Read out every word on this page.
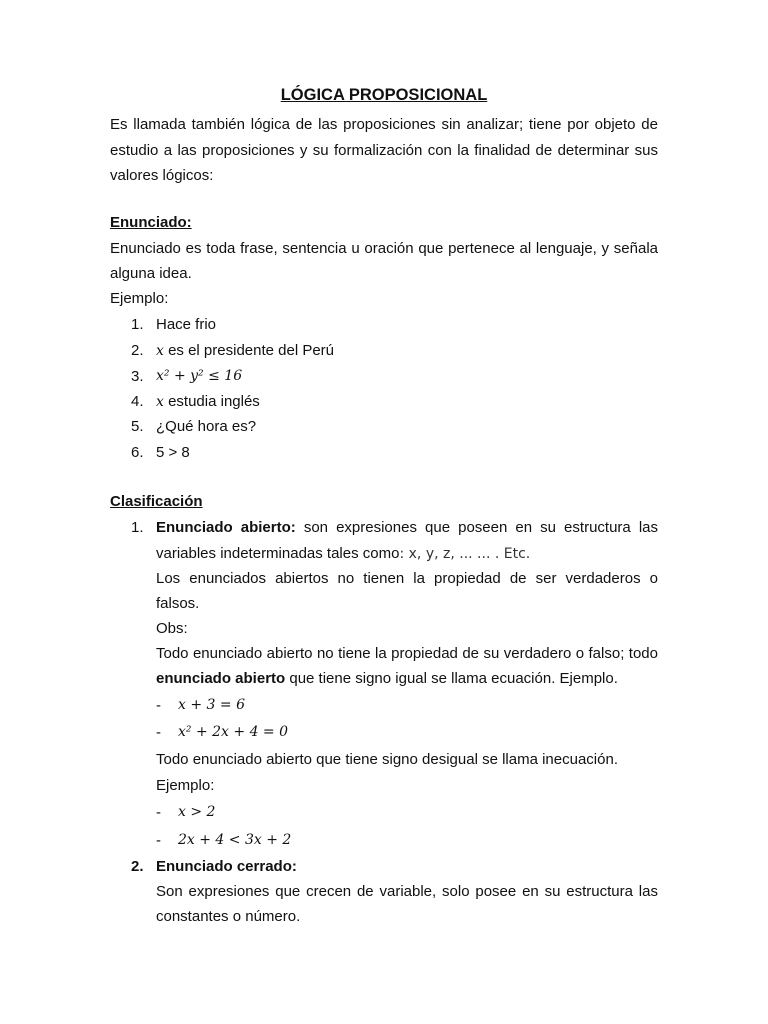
LÓGICA PROPOSICIONAL
Es llamada también lógica de las proposiciones sin analizar; tiene por objeto de
estudio a las proposiciones y su formalización con la finalidad de determinar sus
valores lógicos:
Enunciado:
Enunciado es toda frase, sentencia u oración que pertenece al lenguaje, y señala
alguna idea.
Ejemplo:
1. Hace frio
2. x es el presidente del Perú
3. x² + y² ≤ 16
4. x estudia inglés
5. ¿Qué hora es?
6. 5 > 8
Clasificación
1. Enunciado abierto: son expresiones que poseen en su estructura las
variables indeterminadas tales como: x, y, z, ... ... . Etc.
Los enunciados abiertos no tienen la propiedad de ser verdaderos o
falsos.
Obs:
Todo enunciado abierto no tiene la propiedad de su verdadero o falso; todo
enunciado abierto que tiene signo igual se llama ecuación. Ejemplo.
- x + 3 = 6
- x² + 2x + 4 = 0
Todo enunciado abierto que tiene signo desigual se llama inecuación.
Ejemplo:
- x > 2
- 2x + 4 < 3x + 2
2. Enunciado cerrado:
Son expresiones que crecen de variable, solo posee en su estructura las
constantes o número.
